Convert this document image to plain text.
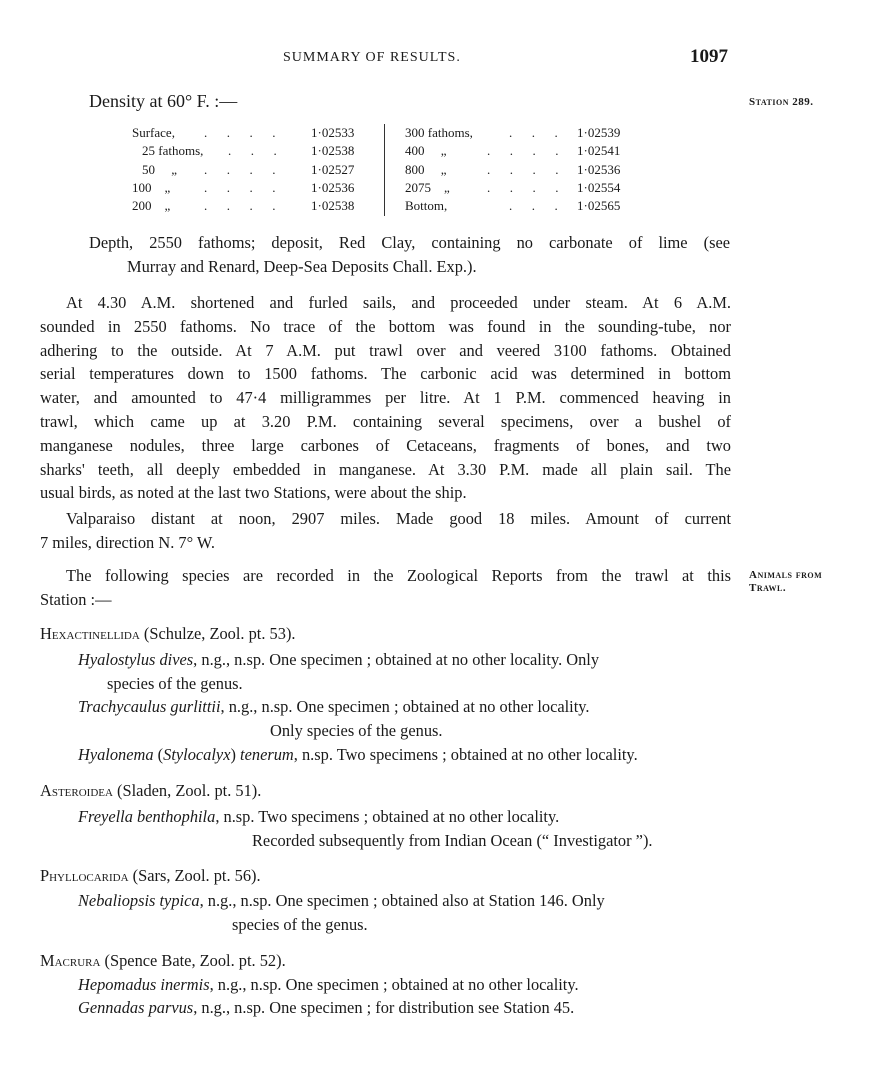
SUMMARY OF RESULTS.	1097
Station 289.
Animals from
Trawl.
Density at 60° F. :—
Surface, .      .      .      .	1·02533
25 fathoms, .      .      .	1·02538
50     „ .      .      .      .	1·02527
100    „	.      .      .      .	1·02536
200    „	.      .      .      .	1·02538
300 fathoms,	.      .      . 1·02539
400     „	.      .      .      . 1·02541
800     „	.      .      .      . 1·02536
2075    „	.      .      .      . 1·02554
Bottom,	.      .      . 1·02565
Depth, 2550 fathoms; deposit, Red Clay, containing no carbonate of lime (see
Murray and Renard, Deep-Sea Deposits Chall. Exp.).
At 4.30 A.M. shortened and furled sails, and proceeded under steam. At 6 A.M.
sounded in 2550 fathoms. No trace of the bottom was found in the sounding-tube, nor
adhering to the outside. At 7 A.M. put trawl over and veered 3100 fathoms. Obtained
serial temperatures down to 1500 fathoms. The carbonic acid was determined in bottom
water, and amounted to 47·4 milligrammes per litre. At 1 P.M. commenced heaving in
trawl, which came up at 3.20 P.M. containing several specimens, over a bushel of
manganese nodules, three large carbones of Cetaceans, fragments of bones, and two
sharks' teeth, all deeply embedded in manganese. At 3.30 P.M. made all plain sail. The
usual birds, as noted at the last two Stations, were about the ship.
Valparaiso distant at noon, 2907 miles. Made good 18 miles. Amount of current
7 miles, direction N. 7° W.
The following species are recorded in the Zoological Reports from the trawl at this
Station :—
Hexactinellida (Schulze, Zool. pt. 53).
Hyalostylus dives, n.g., n.sp. One specimen ; obtained at no other locality. Only
species of the genus.
Trachycaulus gurlittii, n.g., n.sp. One specimen ; obtained at no other locality.
Only species of the genus.
Hyalonema (Stylocalyx) tenerum, n.sp. Two specimens ; obtained at no other locality.
Asteroidea (Sladen, Zool. pt. 51).
Freyella benthophila, n.sp. Two specimens ; obtained at no other locality.
Recorded subsequently from Indian Ocean (“ Investigator ”).
Phyllocarida (Sars, Zool. pt. 56).
Nebaliopsis typica, n.g., n.sp. One specimen ; obtained also at Station 146. Only
species of the genus.
Macrura (Spence Bate, Zool. pt. 52).
Hepomadus inermis, n.g., n.sp. One specimen ; obtained at no other locality.
Gennadas parvus, n.g., n.sp. One specimen ; for distribution see Station 45.
